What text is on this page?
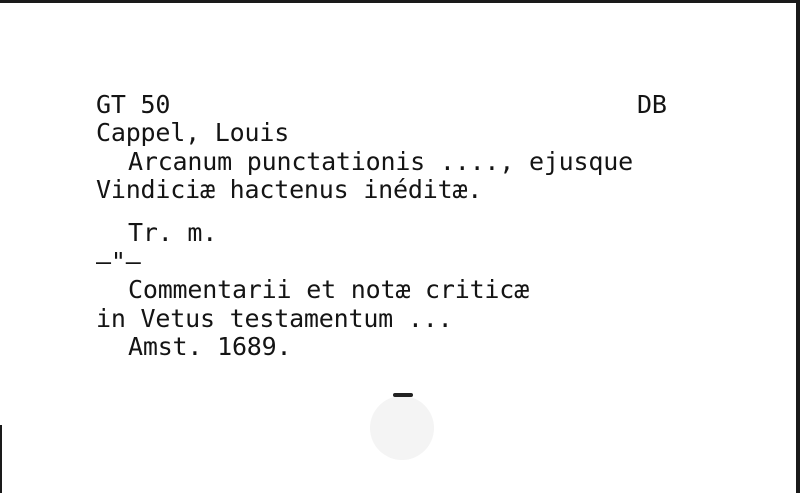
GT 50	DB
Cappel, Louis
Arcanum punctationis ...., ejusque
Vindiciæ hactenus inéditæ.
Tr. m.
–"–
Commentarii et notæ criticæ
in Vetus testamentum ...
Amst. 1689.
